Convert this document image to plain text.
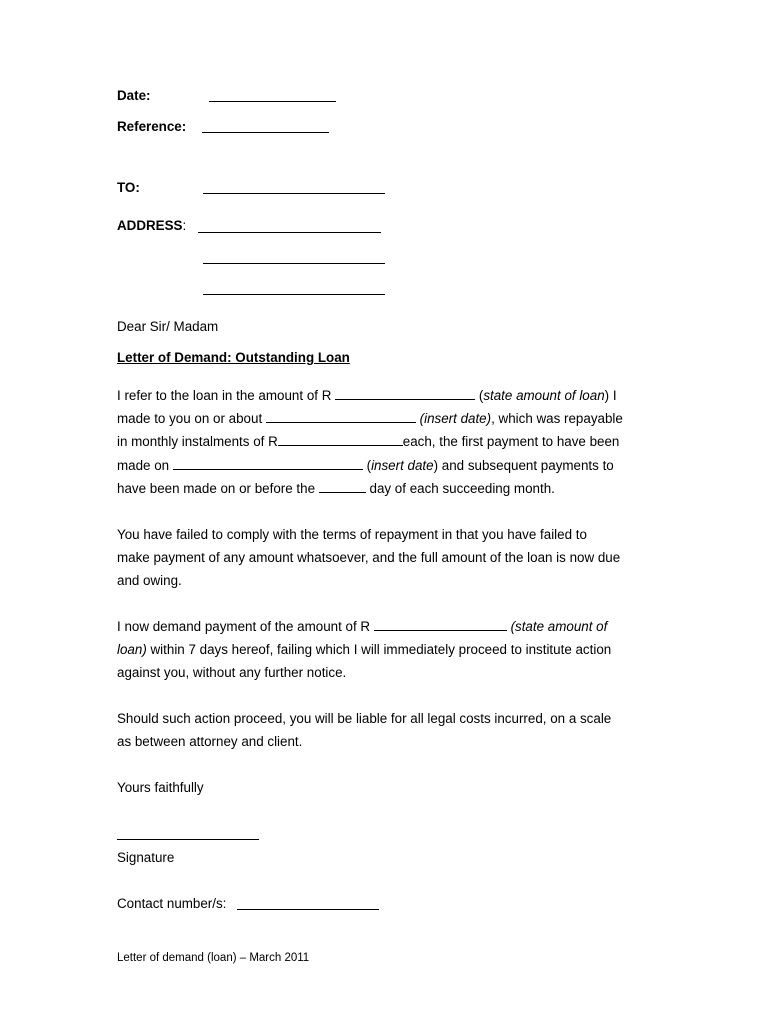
Date:
Reference:
TO:
ADDRESS:
Dear Sir/ Madam
Letter of Demand: Outstanding Loan
I refer to the loan in the amount of R	(state amount of loan) I
made to you on or about	(insert date), which was repayable
in monthly instalments of R	each, the first payment to have been
made on	(insert date) and subsequent payments to
have been made on or before the	day of each succeeding month.
You have failed to comply with the terms of repayment in that you have failed to
make payment of any amount whatsoever, and the full amount of the loan is now due
and owing.
I now demand payment of the amount of R	(state amount of
loan) within 7 days hereof, failing which I will immediately proceed to institute action
against you, without any further notice.
Should such action proceed, you will be liable for all legal costs incurred, on a scale
as between attorney and client.
Yours faithfully
Signature
Contact number/s:
Letter of demand (loan) – March 2011
